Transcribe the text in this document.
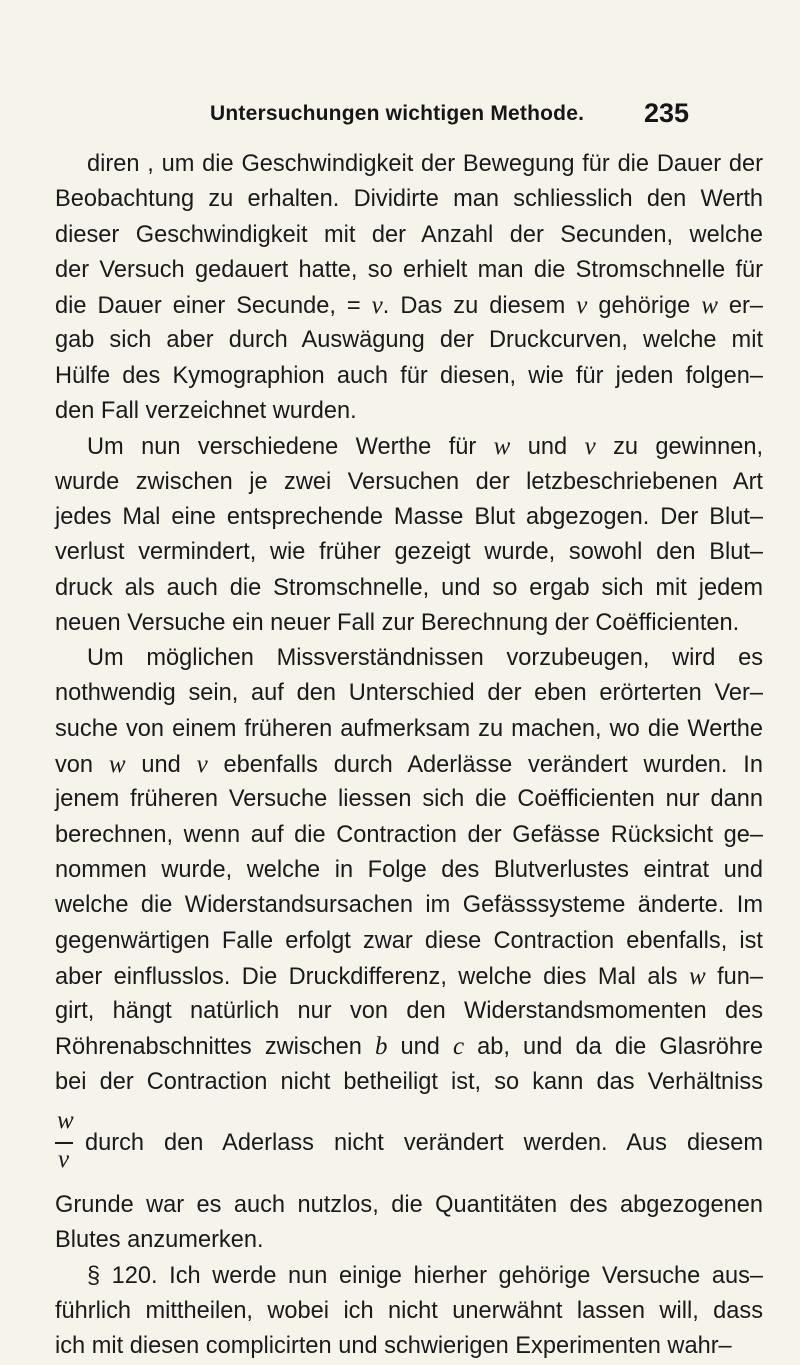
Untersuchungen wichtigen Methode. 235
diren , um die Geschwindigkeit der Bewegung für die Dauer der
Beobachtung zu erhalten. Dividirte man schliesslich den Werth
dieser Geschwindigkeit mit der Anzahl der Secunden, welche
der Versuch gedauert hatte, so erhielt man die Stromschnelle für
die Dauer einer Secunde, = v. Das zu diesem v gehörige w er–
gab sich aber durch Auswägung der Druckcurven, welche mit
Hülfe des Kymographion auch für diesen, wie für jeden folgen–
den Fall verzeichnet wurden.
Um nun verschiedene Werthe für w und v zu gewinnen,
wurde zwischen je zwei Versuchen der letzbeschriebenen Art
jedes Mal eine entsprechende Masse Blut abgezogen. Der Blut–
verlust vermindert, wie früher gezeigt wurde, sowohl den Blut–
druck als auch die Stromschnelle, und so ergab sich mit jedem
neuen Versuche ein neuer Fall zur Berechnung der Coëfficienten.
Um möglichen Missverständnissen vorzubeugen, wird es
nothwendig sein, auf den Unterschied der eben erörterten Ver–
suche von einem früheren aufmerksam zu machen, wo die Werthe
von w und v ebenfalls durch Aderlässe verändert wurden. In
jenem früheren Versuche liessen sich die Coëfficienten nur dann
berechnen, wenn auf die Contraction der Gefässe Rücksicht ge–
nommen wurde, welche in Folge des Blutverlustes eintrat und
welche die Widerstandsursachen im Gefässsysteme änderte. Im
gegenwärtigen Falle erfolgt zwar diese Contraction ebenfalls, ist
aber einflusslos. Die Druckdifferenz, welche dies Mal als w fun–
girt, hängt natürlich nur von den Widerstandsmomenten des
Röhrenabschnittes zwischen b und c ab, und da die Glasröhre
bei der Contraction nicht betheiligt ist, so kann das Verhältniss
w
v
durch den Aderlass nicht verändert werden. Aus diesem
Grunde war es auch nutzlos, die Quantitäten des abgezogenen
Blutes anzumerken.
§ 120. Ich werde nun einige hierher gehörige Versuche aus–
führlich mittheilen, wobei ich nicht unerwähnt lassen will, dass
ich mit diesen complicirten und schwierigen Experimenten wahr–
